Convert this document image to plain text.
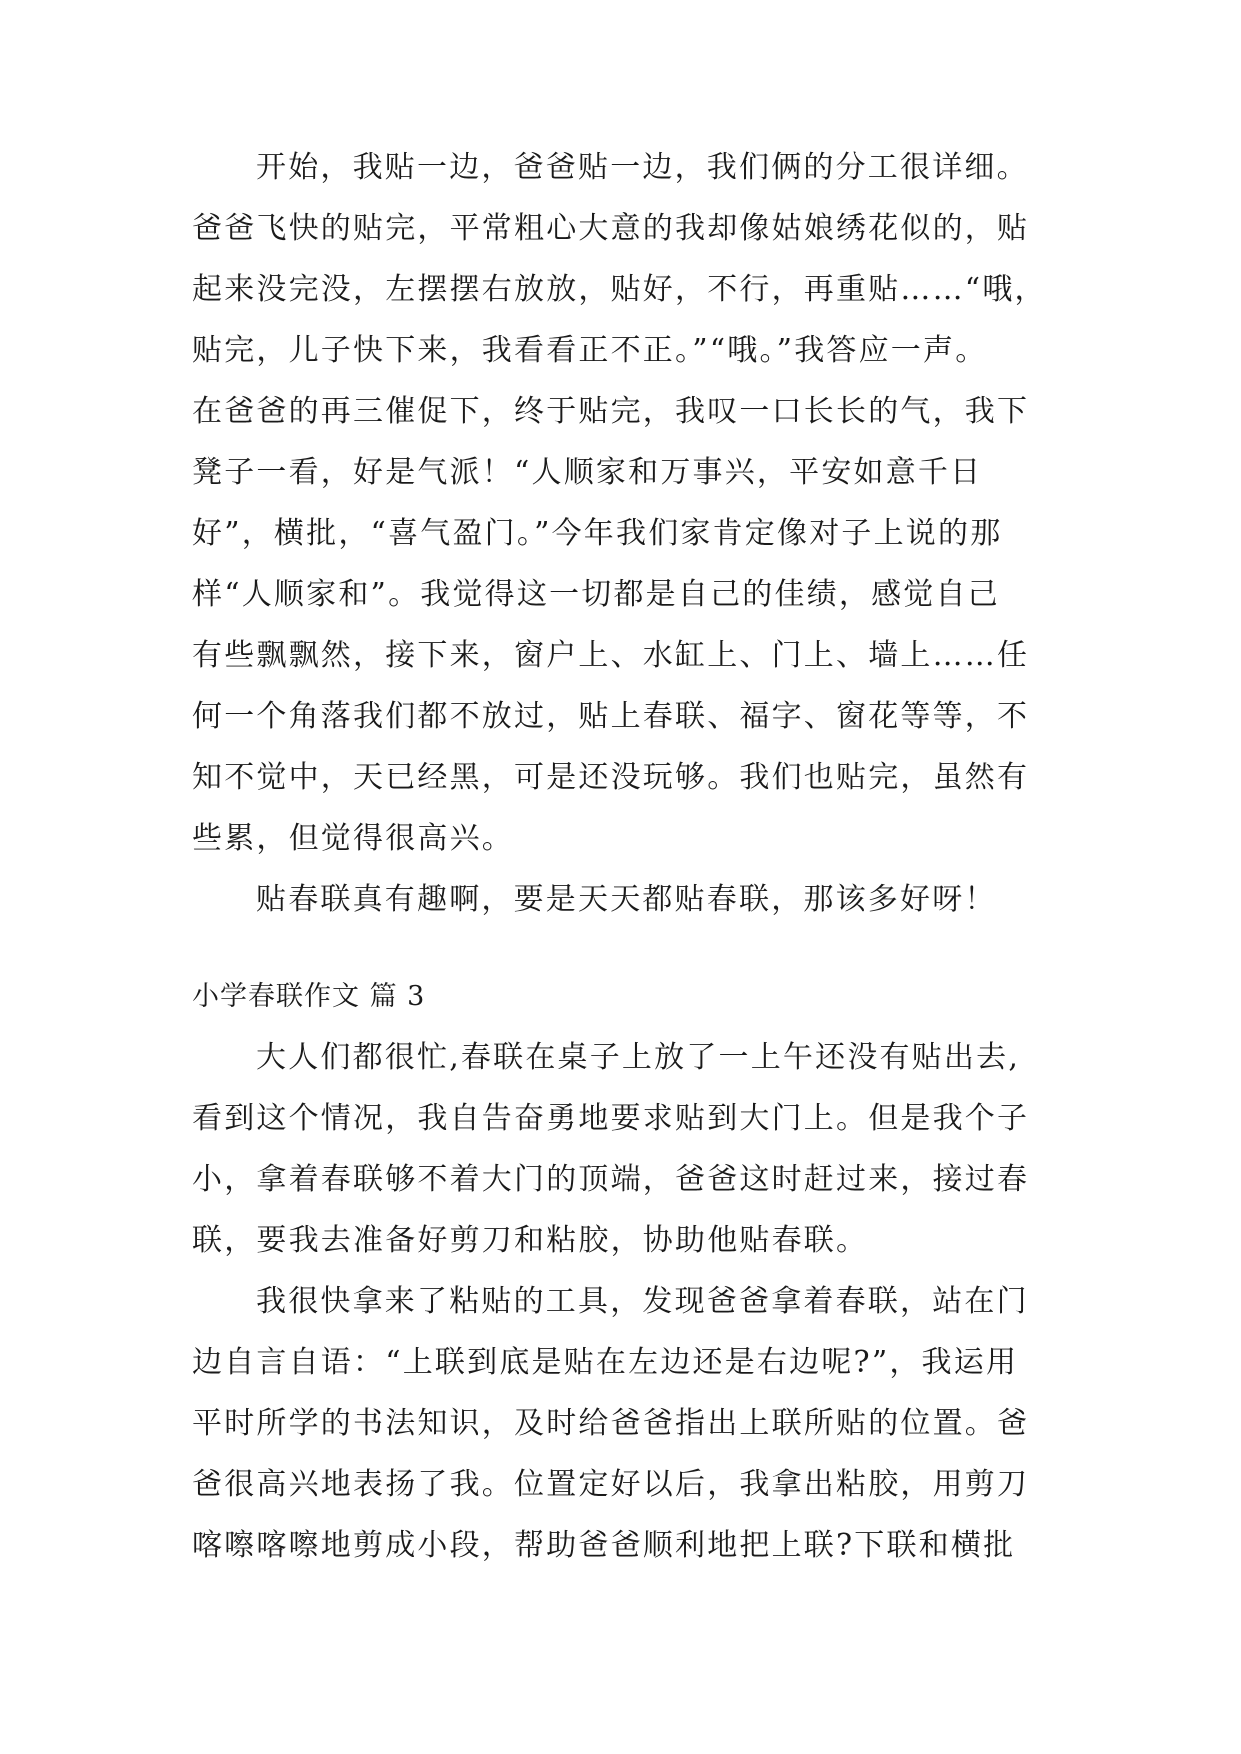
开始，我贴一边，爸爸贴一边，我们俩的分工很详细。
爸爸飞快的贴完，平常粗心大意的我却像姑娘绣花似的，贴
起来没完没，左摆摆右放放，贴好，不行，再重贴……“哦，
贴完，儿子快下来，我看看正不正。”“哦。”我答应一声。
在爸爸的再三催促下，终于贴完，我叹一口长长的气，我下
凳子一看，好是气派！“人顺家和万事兴，平安如意千日
好”，横批，“喜气盈门。”今年我们家肯定像对子上说的那
样“人顺家和”。我觉得这一切都是自己的佳绩，感觉自己
有些飘飘然，接下来，窗户上、水缸上、门上、墙上……任
何一个角落我们都不放过，贴上春联、福字、窗花等等，不
知不觉中，天已经黑，可是还没玩够。我们也贴完，虽然有
些累，但觉得很高兴。
贴春联真有趣啊，要是天天都贴春联，那该多好呀！
小学春联作文 篇 3
大人们都很忙,春联在桌子上放了一上午还没有贴出去,
看到这个情况，我自告奋勇地要求贴到大门上。但是我个子
小，拿着春联够不着大门的顶端，爸爸这时赶过来，接过春
联，要我去准备好剪刀和粘胶，协助他贴春联。
我很快拿来了粘贴的工具，发现爸爸拿着春联，站在门
边自言自语：“上联到底是贴在左边还是右边呢?”，我运用
平时所学的书法知识，及时给爸爸指出上联所贴的位置。爸
爸很高兴地表扬了我。位置定好以后，我拿出粘胶，用剪刀
喀嚓喀嚓地剪成小段，帮助爸爸顺利地把上联?下联和横批
